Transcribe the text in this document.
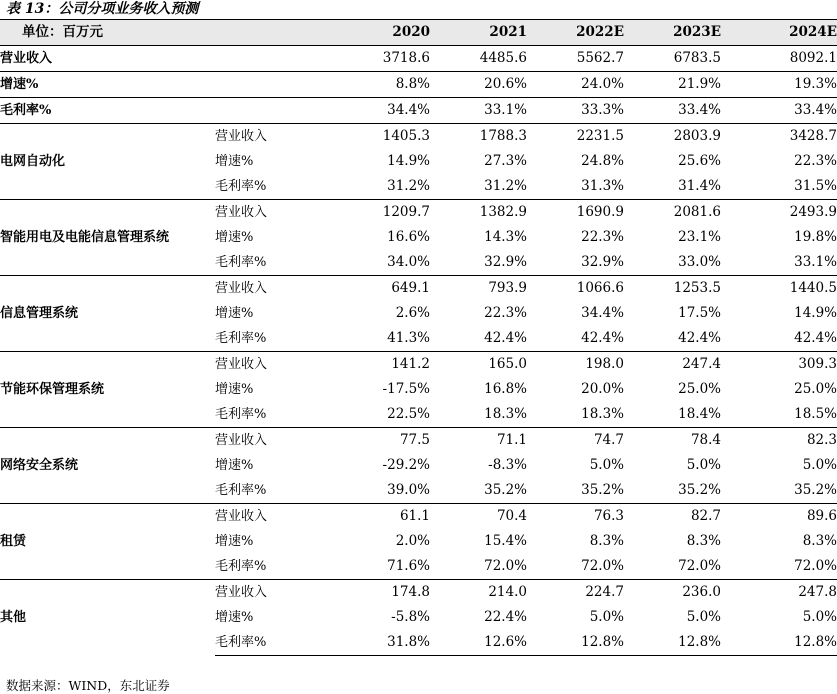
表 13：公司分项业务收入预测
单位：百万元		2020	2021	2022E	2023E	2024E
营业收入		3718.6	4485.6	5562.7	6783.5	8092.1
增速%		8.8%	20.6%	24.0%	21.9%	19.3%
毛利率%		34.4%	33.1%	33.3%	33.4%	33.4%
电网自动化	营业收入	1405.3	1788.3	2231.5	2803.9	3428.7
	增速%	14.9%	27.3%	24.8%	25.6%	22.3%
	毛利率%	31.2%	31.2%	31.3%	31.4%	31.5%
智能用电及电能信息管理系统	营业收入	1209.7	1382.9	1690.9	2081.6	2493.9
	增速%	16.6%	14.3%	22.3%	23.1%	19.8%
	毛利率%	34.0%	32.9%	32.9%	33.0%	33.1%
信息管理系统	营业收入	649.1	793.9	1066.6	1253.5	1440.5
	增速%	2.6%	22.3%	34.4%	17.5%	14.9%
	毛利率%	41.3%	42.4%	42.4%	42.4%	42.4%
节能环保管理系统	营业收入	141.2	165.0	198.0	247.4	309.3
	增速%	-17.5%	16.8%	20.0%	25.0%	25.0%
	毛利率%	22.5%	18.3%	18.3%	18.4%	18.5%
网络安全系统	营业收入	77.5	71.1	74.7	78.4	82.3
	增速%	-29.2%	-8.3%	5.0%	5.0%	5.0%
	毛利率%	39.0%	35.2%	35.2%	35.2%	35.2%
租赁	营业收入	61.1	70.4	76.3	82.7	89.6
	增速%	2.0%	15.4%	8.3%	8.3%	8.3%
	毛利率%	71.6%	72.0%	72.0%	72.0%	72.0%
其他	营业收入	174.8	214.0	224.7	236.0	247.8
	增速%	-5.8%	22.4%	5.0%	5.0%	5.0%
	毛利率%	31.8%	12.6%	12.8%	12.8%	12.8%
数据来源：WIND，东北证券
